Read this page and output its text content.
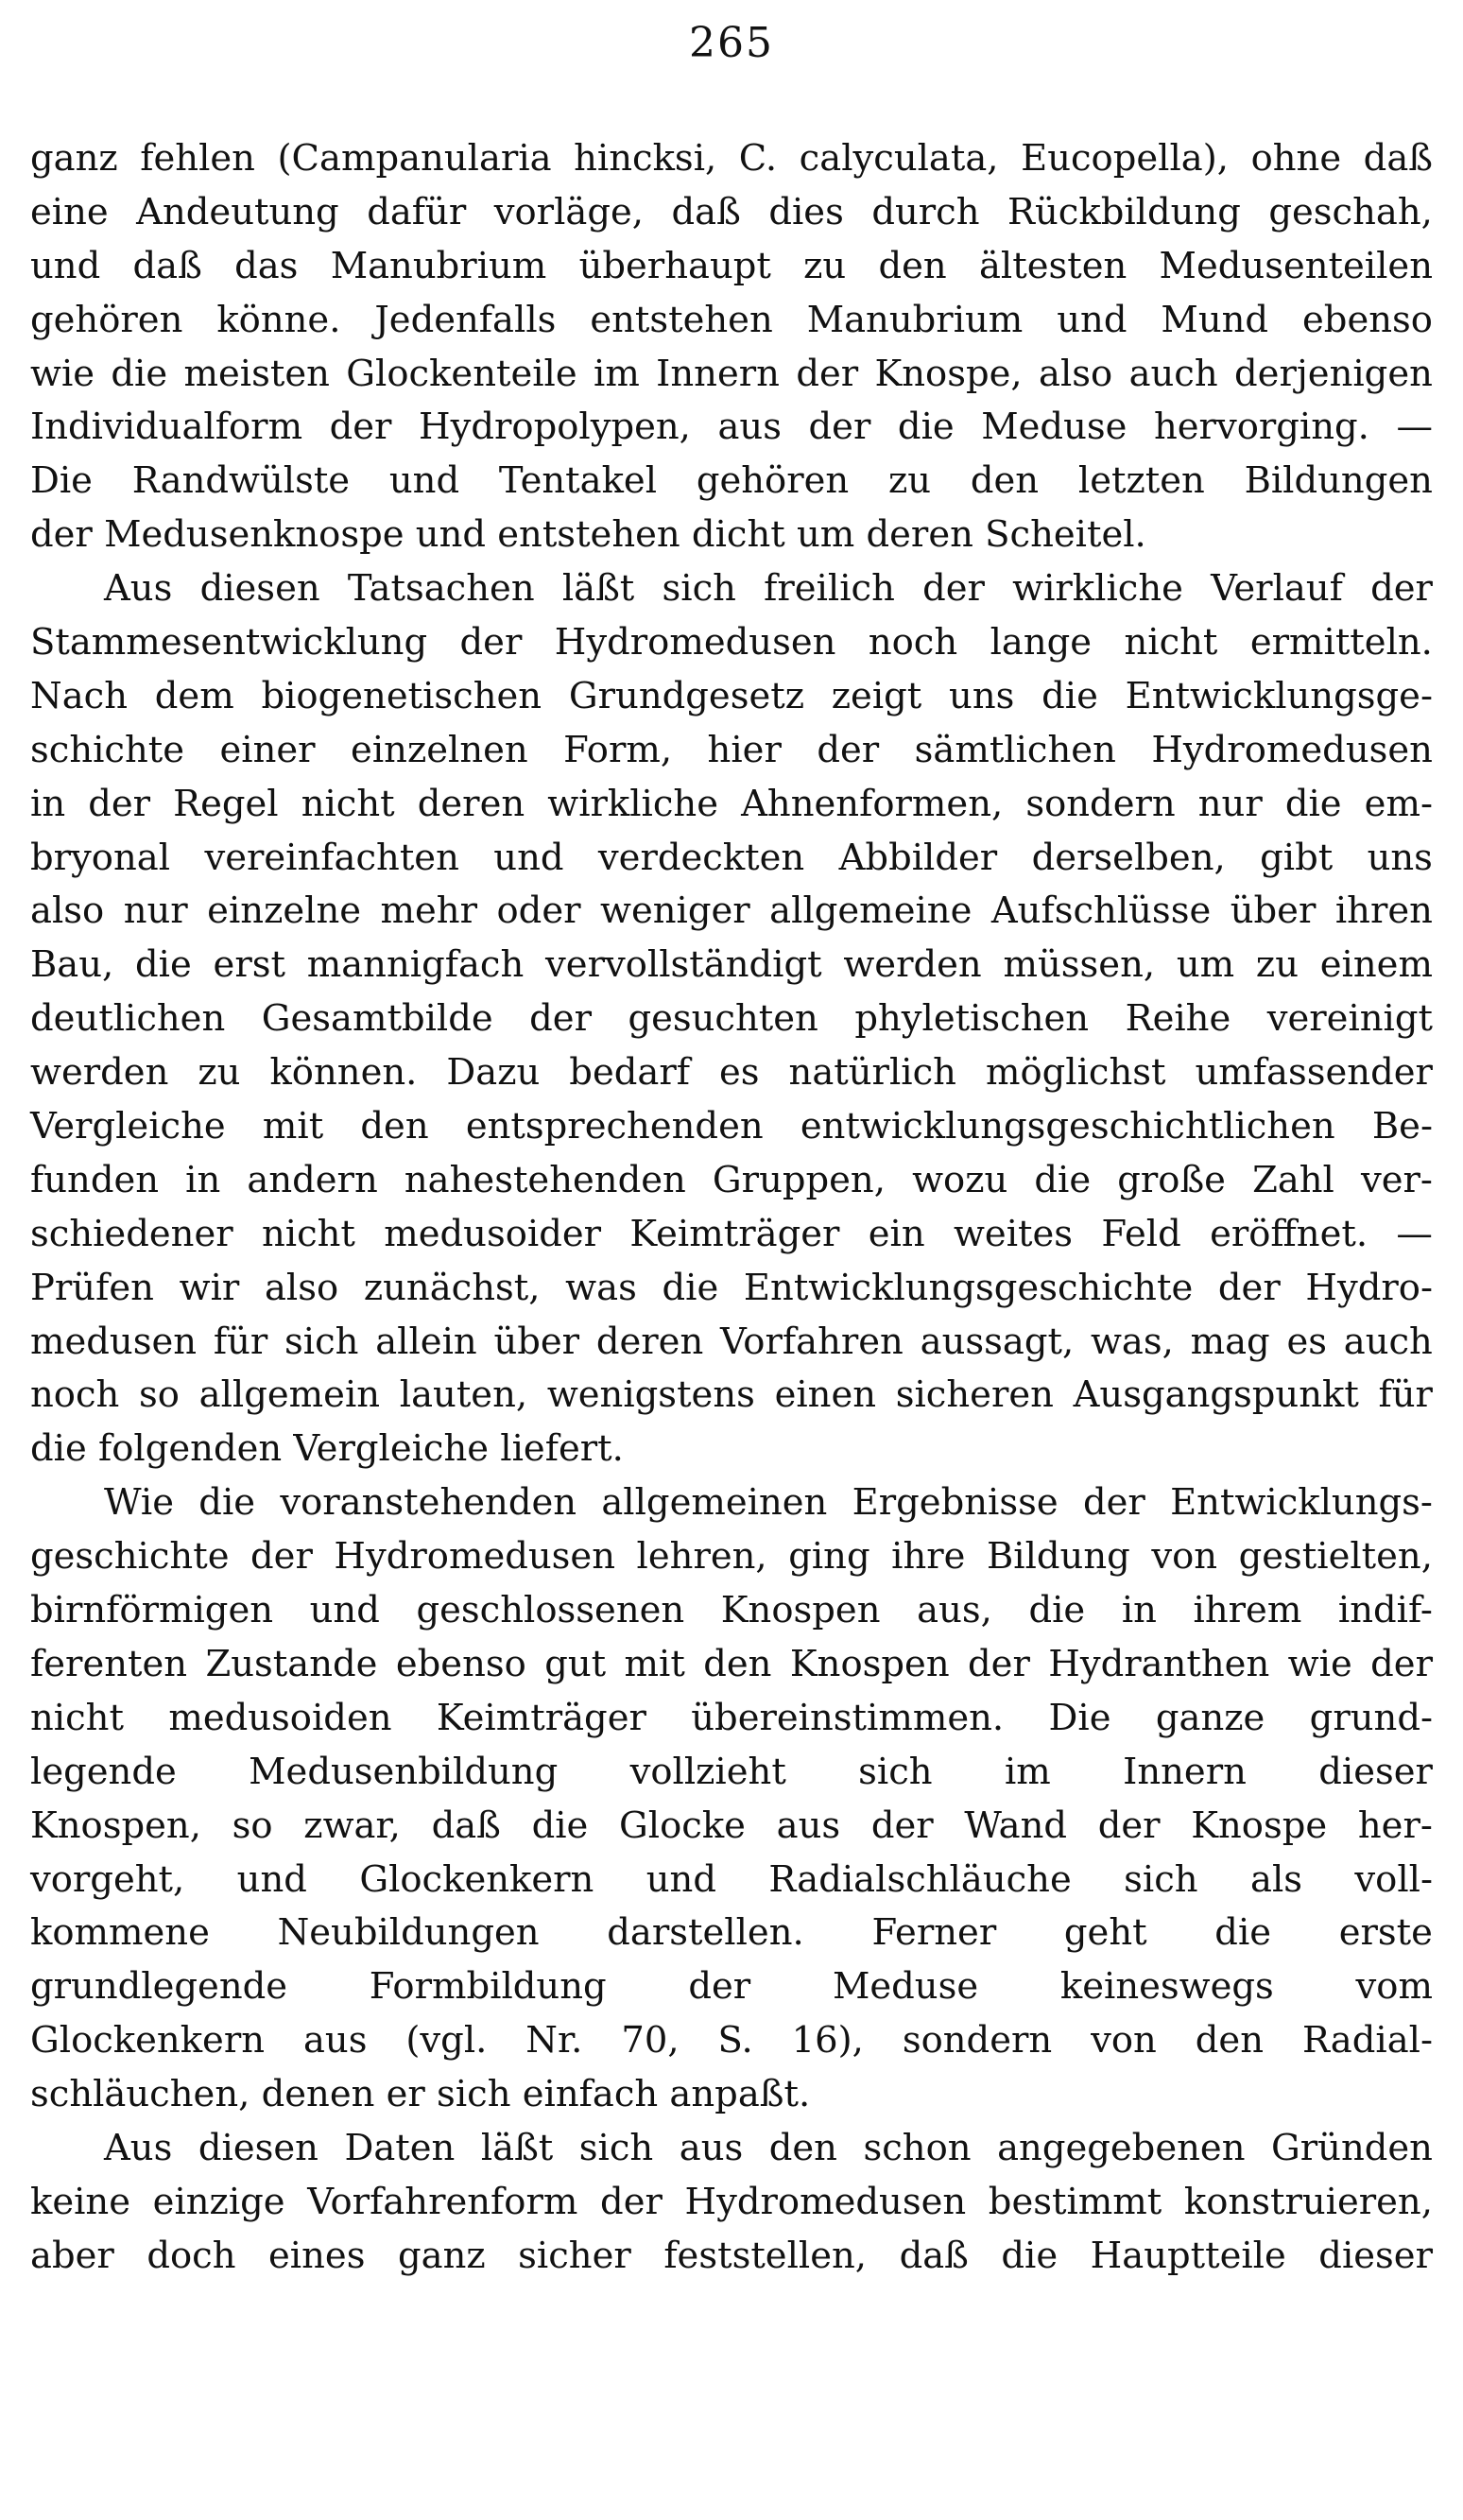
265
ganz fehlen (Campanularia hincksi, C. calyculata, Eucopella), ohne daß
eine Andeutung dafür vorläge, daß dies durch Rückbildung geschah,
und daß das Manubrium überhaupt zu den ältesten Medusenteilen
gehören könne. Jedenfalls entstehen Manubrium und Mund ebenso
wie die meisten Glockenteile im Innern der Knospe, also auch derjenigen
Individualform der Hydropolypen, aus der die Meduse hervorging. —
Die Randwülste und Tentakel gehören zu den letzten Bildungen
der Medusenknospe und entstehen dicht um deren Scheitel.
Aus diesen Tatsachen läßt sich freilich der wirkliche Verlauf der
Stammesentwicklung der Hydromedusen noch lange nicht ermitteln.
Nach dem biogenetischen Grundgesetz zeigt uns die Entwicklungsge-
schichte einer einzelnen Form, hier der sämtlichen Hydromedusen
in der Regel nicht deren wirkliche Ahnenformen, sondern nur die em-
bryonal vereinfachten und verdeckten Abbilder derselben, gibt uns
also nur einzelne mehr oder weniger allgemeine Aufschlüsse über ihren
Bau, die erst mannigfach vervollständigt werden müssen, um zu einem
deutlichen Gesamtbilde der gesuchten phyletischen Reihe vereinigt
werden zu können. Dazu bedarf es natürlich möglichst umfassender
Vergleiche mit den entsprechenden entwicklungsgeschichtlichen Be-
funden in andern nahestehenden Gruppen, wozu die große Zahl ver-
schiedener nicht medusoider Keimträger ein weites Feld eröffnet. —
Prüfen wir also zunächst, was die Entwicklungsgeschichte der Hydro-
medusen für sich allein über deren Vorfahren aussagt, was, mag es auch
noch so allgemein lauten, wenigstens einen sicheren Ausgangspunkt für
die folgenden Vergleiche liefert.
Wie die voranstehenden allgemeinen Ergebnisse der Entwicklungs-
geschichte der Hydromedusen lehren, ging ihre Bildung von gestielten,
birnförmigen und geschlossenen Knospen aus, die in ihrem indif-
ferenten Zustande ebenso gut mit den Knospen der Hydranthen wie der
nicht medusoiden Keimträger übereinstimmen. Die ganze grund-
legende Medusenbildung vollzieht sich im Innern dieser
Knospen, so zwar, daß die Glocke aus der Wand der Knospe her-
vorgeht, und Glockenkern und Radialschläuche sich als voll-
kommene Neubildungen darstellen. Ferner geht die erste
grundlegende Formbildung der Meduse keineswegs vom
Glockenkern aus (vgl. Nr. 70, S. 16), sondern von den Radial-
schläuchen, denen er sich einfach anpaßt.
Aus diesen Daten läßt sich aus den schon angegebenen Gründen
keine einzige Vorfahrenform der Hydromedusen bestimmt konstruieren,
aber doch eines ganz sicher feststellen, daß die Hauptteile dieser
